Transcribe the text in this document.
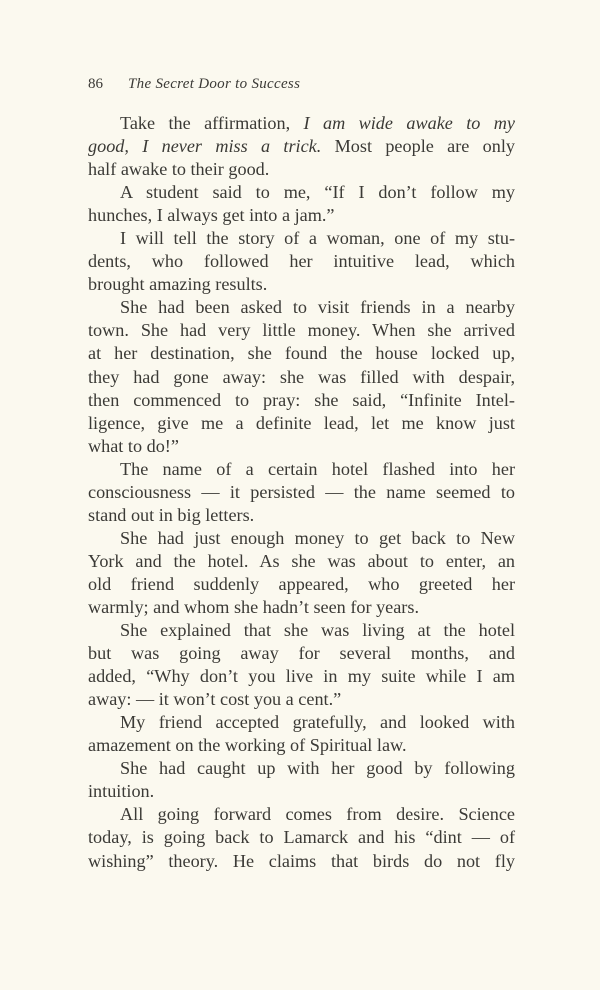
86 The Secret Door to Success
Take the affirmation, I am wide awake to my
good, I never miss a trick. Most people are only
half awake to their good.
A student said to me, “If I don’t follow my
hunches, I always get into a jam.”
I will tell the story of a woman, one of my stu-
dents, who followed her intuitive lead, which
brought amazing results.
She had been asked to visit friends in a nearby
town. She had very little money. When she arrived
at her destination, she found the house locked up,
they had gone away: she was filled with despair,
then commenced to pray: she said, “Infinite Intel-
ligence, give me a definite lead, let me know just
what to do!”
The name of a certain hotel flashed into her
consciousness — it persisted — the name seemed to
stand out in big letters.
She had just enough money to get back to New
York and the hotel. As she was about to enter, an
old friend suddenly appeared, who greeted her
warmly; and whom she hadn’t seen for years.
She explained that she was living at the hotel
but was going away for several months, and
added, “Why don’t you live in my suite while I am
away: — it won’t cost you a cent.”
My friend accepted gratefully, and looked with
amazement on the working of Spiritual law.
She had caught up with her good by following
intuition.
All going forward comes from desire. Science
today, is going back to Lamarck and his “dint — of
wishing” theory. He claims that birds do not fly
